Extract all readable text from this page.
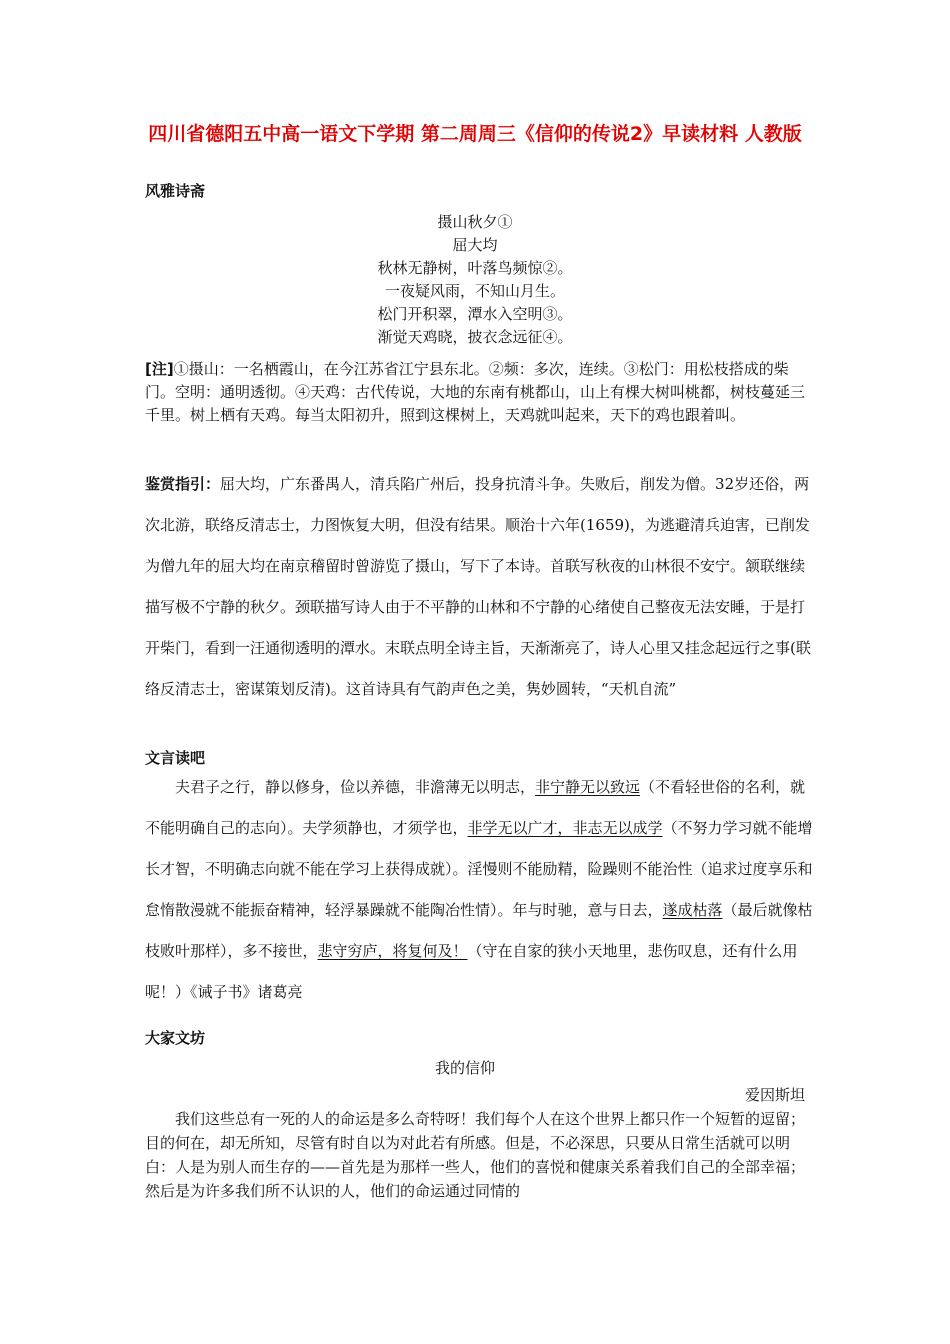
四川省德阳五中高一语文下学期 第二周周三《信仰的传说2》早读材料 人教版
风雅诗斋
摄山秋夕①
屈大均
秋林无静树，叶落鸟频惊②。
一夜疑风雨，不知山月生。
松门开积翠，潭水入空明③。
渐觉天鸡晓，披衣念远征④。
[注]①摄山：一名栖霞山，在今江苏省江宁县东北。②频：多次，连续。③松门：用松枝搭成的柴门。空明：通明透彻。④天鸡：古代传说，大地的东南有桃都山，山上有棵大树叫桃都，树枝蔓延三千里。树上栖有天鸡。每当太阳初升，照到这棵树上，天鸡就叫起来，天下的鸡也跟着叫。
鉴赏指引：屈大均，广东番禺人，清兵陷广州后，投身抗清斗争。失败后，削发为僧。32岁还俗，两次北游，联络反清志士，力图恢复大明，但没有结果。顺治十六年(1659)，为逃避清兵迫害，已削发为僧九年的屈大均在南京稽留时曾游览了摄山，写下了本诗。首联写秋夜的山林很不安宁。颔联继续描写极不宁静的秋夕。颈联描写诗人由于不平静的山林和不宁静的心绪使自己整夜无法安睡，于是打开柴门，看到一汪通彻透明的潭水。末联点明全诗主旨，天渐渐亮了，诗人心里又挂念起远行之事(联络反清志士，密谋策划反清)。这首诗具有气韵声色之美，隽妙圆转，“天机自流”
文言读吧
夫君子之行，静以修身，俭以养德，非澹薄无以明志，非宁静无以致远（不看轻世俗的名利，就不能明确自己的志向）。夫学须静也，才须学也，非学无以广才，非志无以成学（不努力学习就不能增长才智，不明确志向就不能在学习上获得成就）。淫慢则不能励精，险躁则不能治性（追求过度享乐和怠惰散漫就不能振奋精神，轻浮暴躁就不能陶冶性情）。年与时驰，意与日去，遂成枯落（最后就像枯枝败叶那样），多不接世，悲守穷庐，将复何及！（守在自家的狭小天地里，悲伤叹息，还有什么用呢！）《诫子书》诸葛亮
大家文坊
我的信仰
爱因斯坦
我们这些总有一死的人的命运是多么奇特呀！我们每个人在这个世界上都只作一个短暂的逗留；目的何在，却无所知，尽管有时自以为对此若有所感。但是，不必深思，只要从日常生活就可以明白：人是为别人而生存的——首先是为那样一些人，他们的喜悦和健康关系着我们自己的全部幸福；然后是为许多我们所不认识的人，他们的命运通过同情的
